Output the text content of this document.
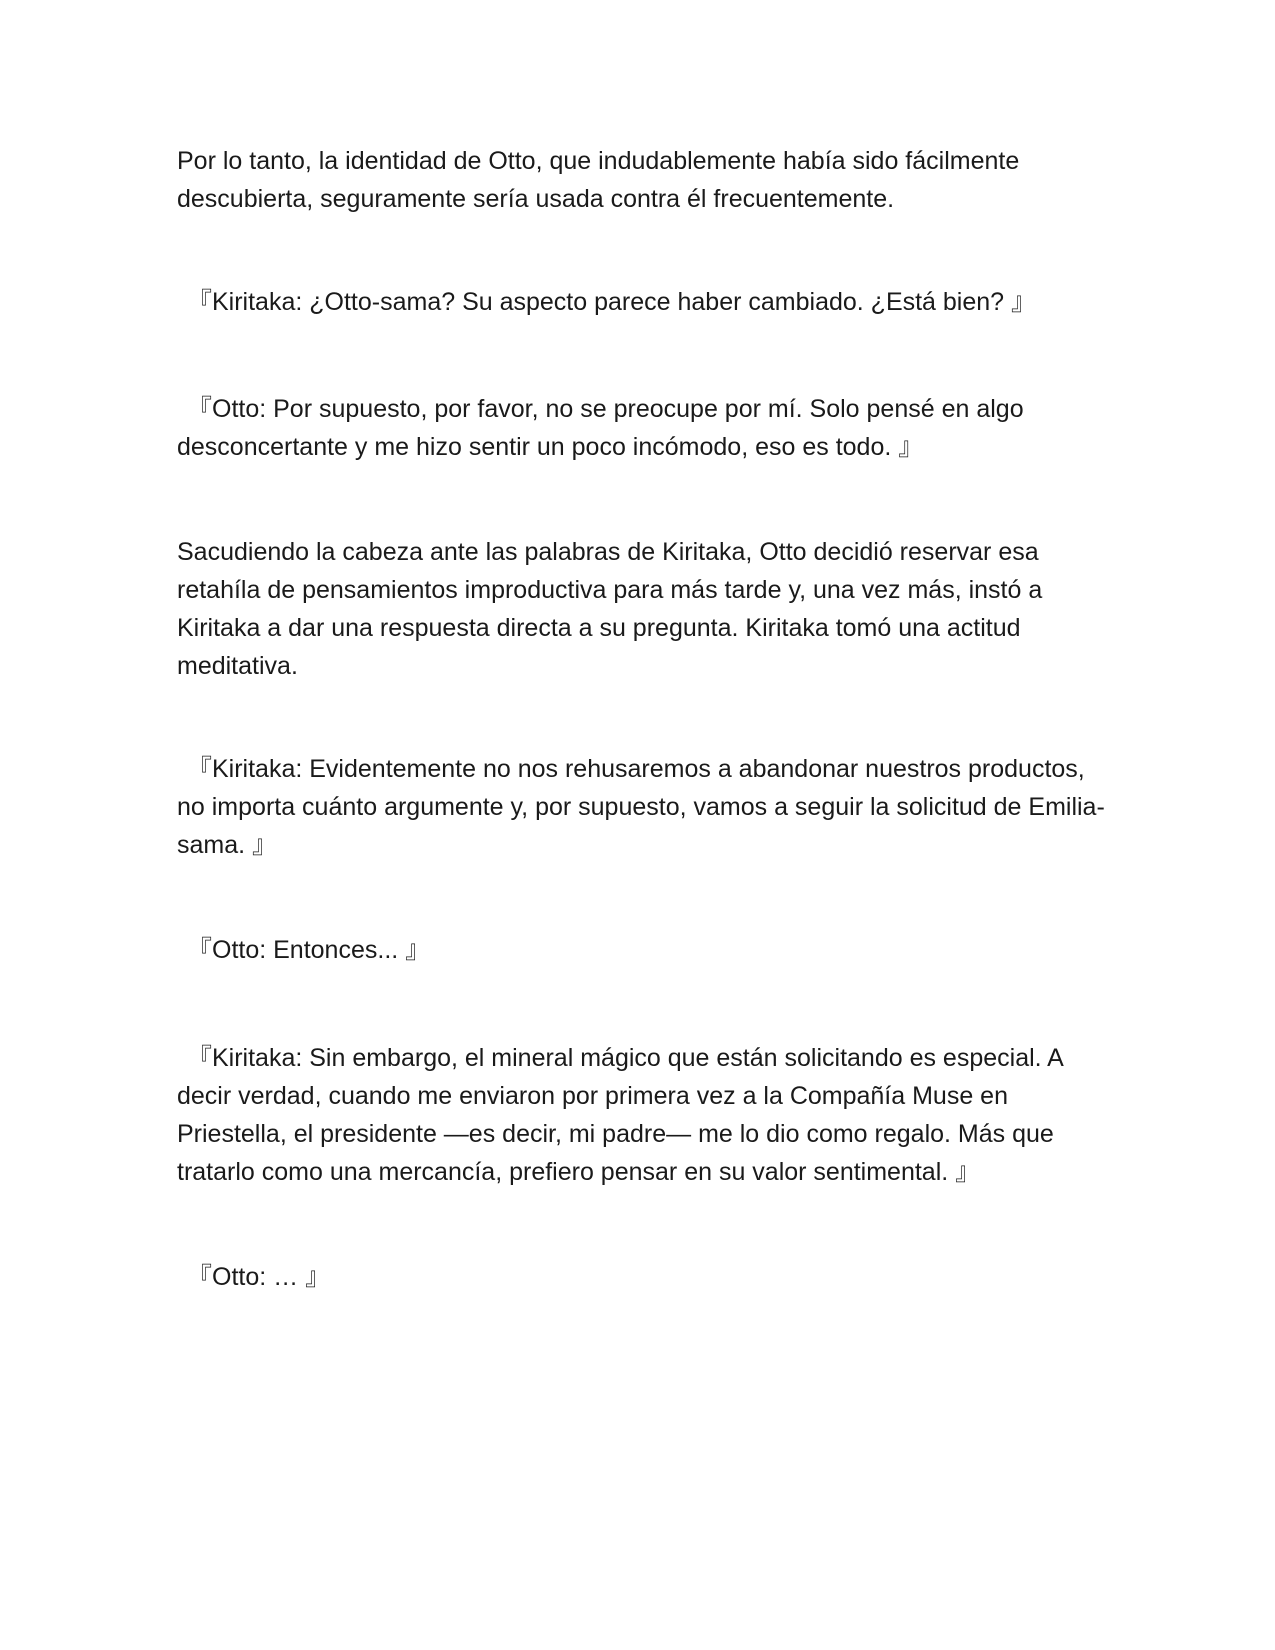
Por lo tanto, la identidad de Otto, que indudablemente había sido fácilmente descubierta, seguramente sería usada contra él frecuentemente.

『Kiritaka: ¿Otto-sama? Su aspecto parece haber cambiado. ¿Está bien? 』

『Otto: Por supuesto, por favor, no se preocupe por mí. Solo pensé en algo desconcertante y me hizo sentir un poco incómodo, eso es todo. 』

Sacudiendo la cabeza ante las palabras de Kiritaka, Otto decidió reservar esa retahíla de pensamientos improductiva para más tarde y, una vez más, instó a Kiritaka a dar una respuesta directa a su pregunta. Kiritaka tomó una actitud meditativa.

『Kiritaka: Evidentemente no nos rehusaremos a abandonar nuestros productos, no importa cuánto argumente y, por supuesto, vamos a seguir la solicitud de Emilia-sama. 』

『Otto: Entonces... 』

『Kiritaka: Sin embargo, el mineral mágico que están solicitando es especial. A decir verdad, cuando me enviaron por primera vez a la Compañía Muse en Priestella, el presidente —es decir, mi padre— me lo dio como regalo. Más que tratarlo como una mercancía, prefiero pensar en su valor sentimental. 』

『Otto: … 』
